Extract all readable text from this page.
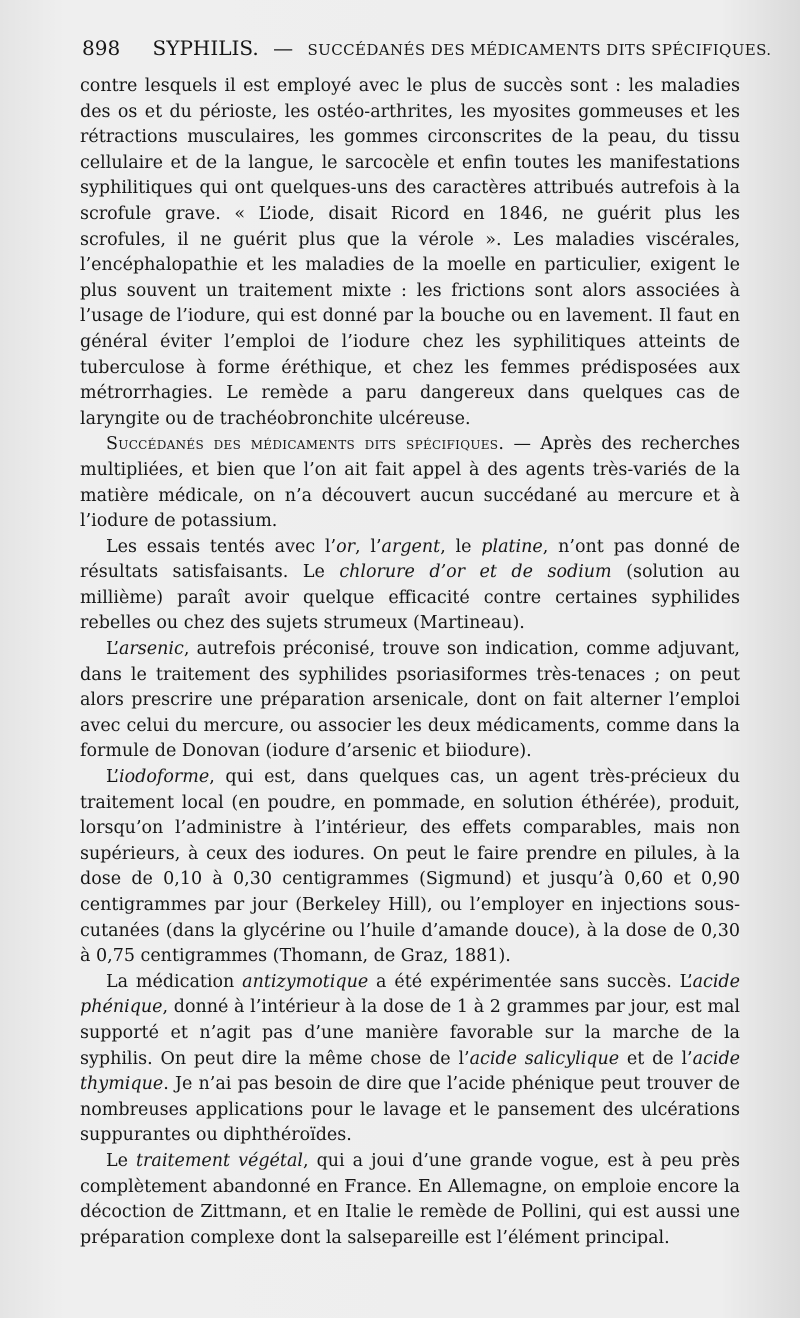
898 SYPHILIS. — SUCCÉDANÉS DES MÉDICAMENTS DITS SPÉCIFIQUES.

contre lesquels il est employé avec le plus de succès sont : les maladies des os et du périoste, les ostéo-arthrites, les myosites gommeuses et les rétractions musculaires, les gommes circonscrites de la peau, du tissu cellulaire et de la langue, le sarcocèle et enfin toutes les manifestations syphilitiques qui ont quelques-uns des caractères attribués autrefois à la scrofule grave. « L’iode, disait Ricord en 1846, ne guérit plus les scrofules, il ne guérit plus que la vérole ». Les maladies viscérales, l’encéphalopathie et les maladies de la moelle en particulier, exigent le plus souvent un traitement mixte : les frictions sont alors associées à l’usage de l’iodure, qui est donné par la bouche ou en lavement. Il faut en général éviter l’emploi de l’iodure chez les syphilitiques atteints de tuberculose à forme éréthique, et chez les femmes prédisposées aux métrorrhagies. Le remède a paru dangereux dans quelques cas de laryngite ou de trachéobronchite ulcéreuse.

Succédanés des médicaments dits spécifiques. — Après des recherches multipliées, et bien que l’on ait fait appel à des agents très-variés de la matière médicale, on n’a découvert aucun succédané au mercure et à l’iodure de potassium.

Les essais tentés avec l’or, l’argent, le platine, n’ont pas donné de résultats satisfaisants. Le chlorure d’or et de sodium (solution au millième) paraît avoir quelque efficacité contre certaines syphilides rebelles ou chez des sujets strumeux (Martineau).

L’arsenic, autrefois préconisé, trouve son indication, comme adjuvant, dans le traitement des syphilides psoriasiformes très-tenaces ; on peut alors prescrire une préparation arsenicale, dont on fait alterner l’emploi avec celui du mercure, ou associer les deux médicaments, comme dans la formule de Donovan (iodure d’arsenic et biiodure).

L’iodoforme, qui est, dans quelques cas, un agent très-précieux du traitement local (en poudre, en pommade, en solution éthérée), produit, lorsqu’on l’administre à l’intérieur, des effets comparables, mais non supérieurs, à ceux des iodures. On peut le faire prendre en pilules, à la dose de 0,10 à 0,30 centigrammes (Sigmund) et jusqu’à 0,60 et 0,90 centigrammes par jour (Berkeley Hill), ou l’employer en injections sous-cutanées (dans la glycérine ou l’huile d’amande douce), à la dose de 0,30 à 0,75 centigrammes (Thomann, de Graz, 1881).

La médication antizymotique a été expérimentée sans succès. L’acide phénique, donné à l’intérieur à la dose de 1 à 2 grammes par jour, est mal supporté et n’agit pas d’une manière favorable sur la marche de la syphilis. On peut dire la même chose de l’acide salicylique et de l’acide thymique. Je n’ai pas besoin de dire que l’acide phénique peut trouver de nombreuses applications pour le lavage et le pansement des ulcérations suppurantes ou diphthéroïdes.

Le traitement végétal, qui a joui d’une grande vogue, est à peu près complètement abandonné en France. En Allemagne, on emploie encore la décoction de Zittmann, et en Italie le remède de Pollini, qui est aussi une préparation complexe dont la salsepareille est l’élément principal.
